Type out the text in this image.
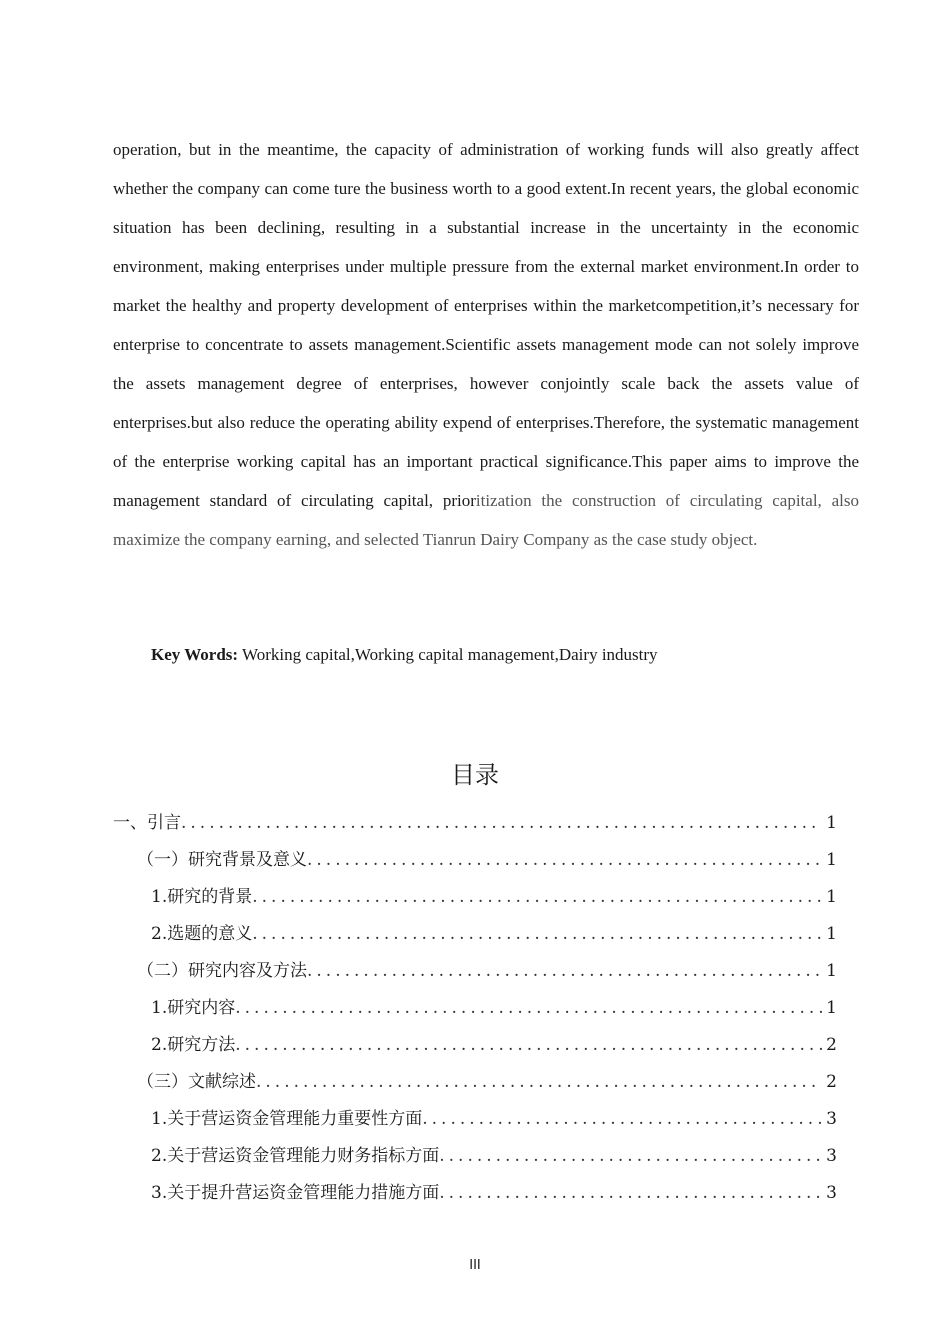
operation, but in the meantime, the capacity of administration of working funds will also greatly affect whether the company can come ture the business worth to a good extent.In recent years, the global economic situation has been declining, resulting in a substantial increase in the uncertainty in the economic environment, making enterprises under multiple pressure from the external market environment.In order to market the healthy and property development of enterprises within the marketcompetition,it’s necessary for enterprise to concentrate to assets management.Scientific assets management mode can not solely improve the assets management degree of enterprises, however conjointly scale back the assets value of enterprises.but also reduce the operating ability expend of enterprises.Therefore, the systematic management of the enterprise working capital has an important practical significance.This paper aims to improve the management standard of circulating capital, prioritization the construction of circulating capital, also maximize the company earning, and selected Tianrun Dairy Company as the case study object.
Key Words: Working capital,Working capital management,Dairy industry
目录
一、引言 .....	1
（一）研究背景及意义 .....	1
1.研究的背景 .....	1
2.选题的意义 .....	1
（二）研究内容及方法 .....	1
1.研究内容 .....	1
2.研究方法 .....	2
（三）文献综述 .....	2
1.关于营运资金管理能力重要性方面 .....	3
2.关于营运资金管理能力财务指标方面 .....	3
3.关于提升营运资金管理能力措施方面 .....	3
III
